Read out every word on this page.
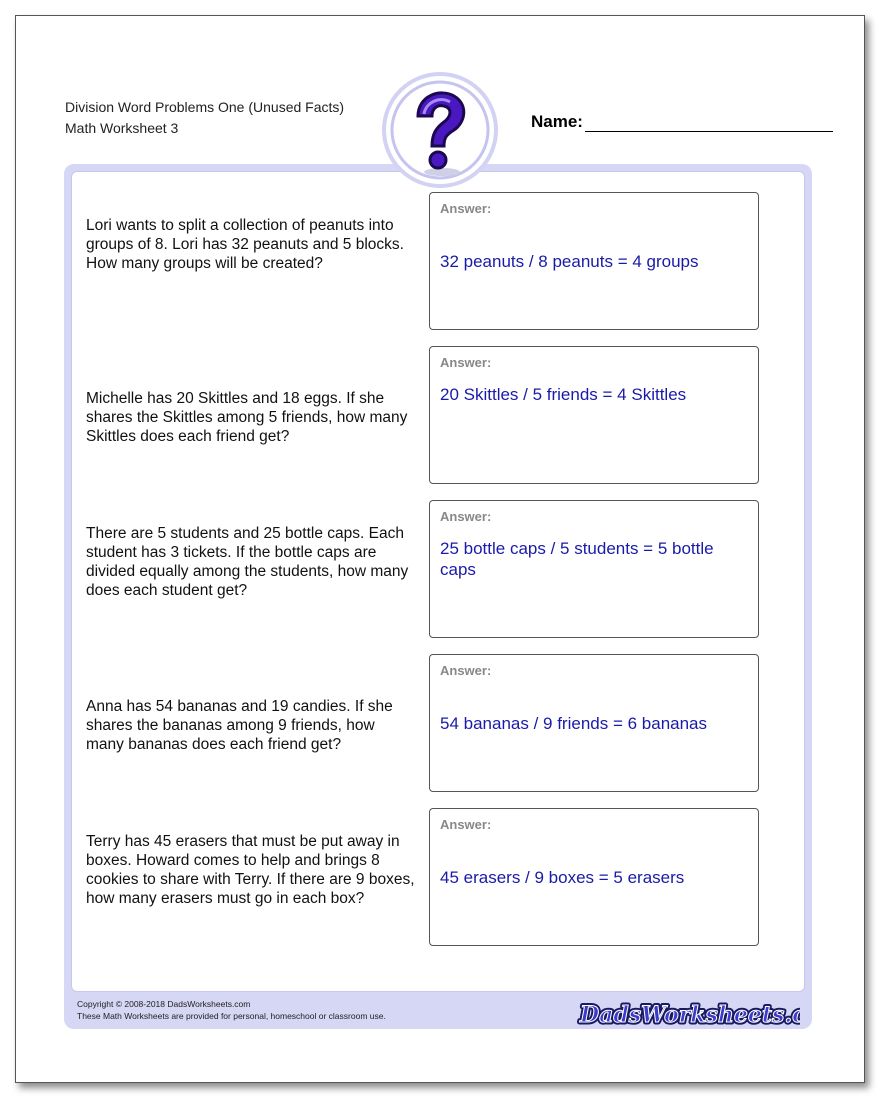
Division Word Problems One (Unused Facts)
Math Worksheet 3	Name:
Lori wants to split a collection of peanuts into groups of 8. Lori has 32 peanuts and 5 blocks. How many groups will be created?
Answer:
32 peanuts / 8 peanuts = 4 groups
Michelle has 20 Skittles and 18 eggs. If she shares the Skittles among 5 friends, how many Skittles does each friend get?
Answer:
20 Skittles / 5 friends = 4 Skittles
There are 5 students and 25 bottle caps. Each student has 3 tickets. If the bottle caps are divided equally among the students, how many does each student get?
Answer:
25 bottle caps / 5 students = 5 bottle caps
Anna has 54 bananas and 19 candies. If she shares the bananas among 9 friends, how many bananas does each friend get?
Answer:
54 bananas / 9 friends = 6 bananas
Terry has 45 erasers that must be put away in boxes. Howard comes to help and brings 8 cookies to share with Terry. If there are 9 boxes, how many erasers must go in each box?
Answer:
45 erasers / 9 boxes = 5 erasers
Copyright © 2008-2018 DadsWorksheets.com
These Math Worksheets are provided for personal, homeschool or classroom use.	DadsWorksheets.
DadsWorksheets.
